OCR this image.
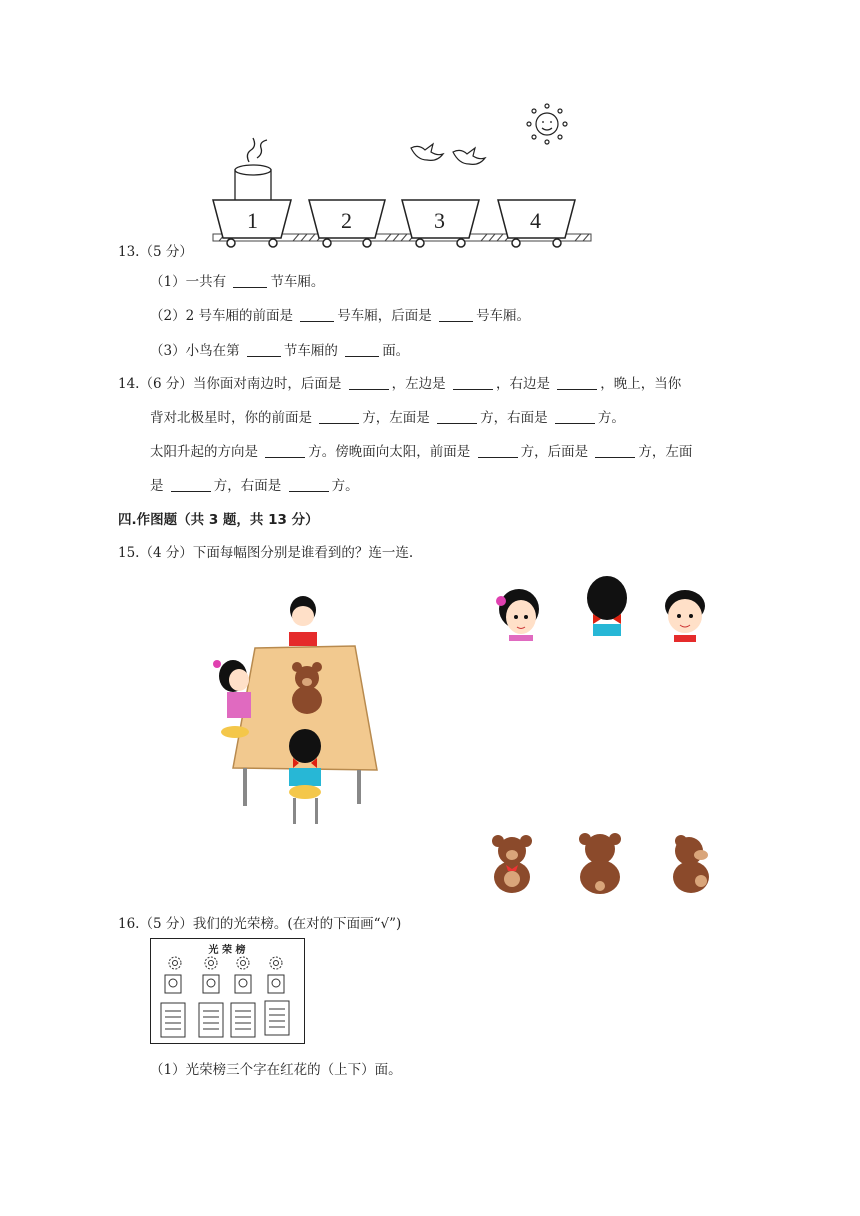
1	2	3	4
13.（5 分）
（1）一共有	节车厢。
（2）2 号车厢的前面是	号车厢，后面是	号车厢。
（3）小鸟在第	节车厢的	面。
14.（6 分）当你面对南边时，后面是	，左边是	，右边是	，晚上，当你
背对北极星时，你的前面是	方，左面是	方，右面是	方。
太阳升起的方向是	方。傍晚面向太阳，前面是	方，后面是	方，左面
是	方，右面是	方。
四.作图题（共 3 题，共 13 分）
15.（4 分）下面每幅图分别是谁看到的？连一连.
16.（5 分）我们的光荣榜。(在对的下面画“√”)
光 荣 榜
（1）光荣榜三个字在红花的（上下）面。
